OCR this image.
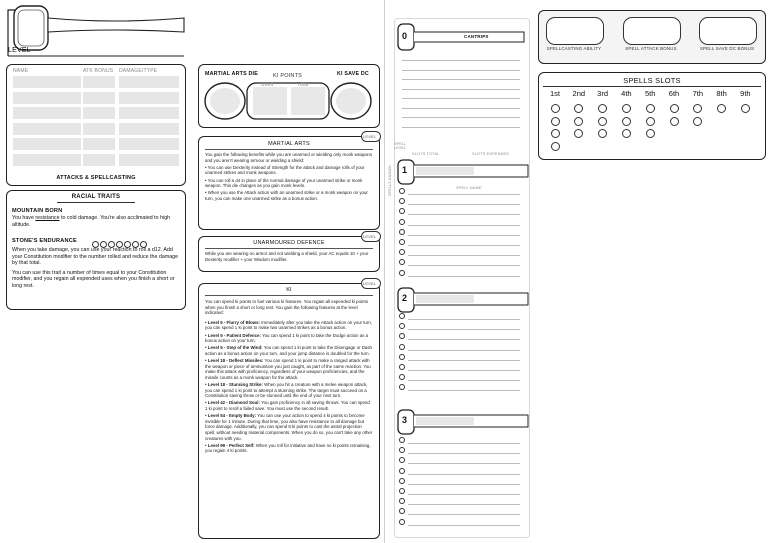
LEVEL
NAME	ATK BONUS DAMAGE/TYPE
ATTACKS & SPELLCASTING
RACIAL TRAITS
MOUNTAIN BORN
You have resistance to cold damage. You're also acclimated to high altitude.
STONE'S ENDURANCE

When you take damage, you can use your reaction to roll a d12. Add your Constitution modifier to the number rolled and reduce the damage by that total.

You can use this trait a number of times equal to your Constitution modifier, and you regain all expended uses when you finish a short or long rest.

MARTIAL ARTS DIE	KI SAVE DC
KI POINTS
Used	Total
LEVEL
MARTIAL ARTS

You gain the following benefits while you are unarmed or wielding only monk weapons and you aren't wearing armour or wielding a shield:

• You can use Dexterity instead of Strength for the attack and damage rolls of your unarmed strikes and monk weapons.

• You can roll a d4 in place of the normal damage of your unarmed strike or monk weapon. This die changes as you gain monk levels.

• When you use the Attack action with an unarmed strike or a monk weapon on your turn, you can make one unarmed strike as a bonus action.

LEVEL
UNARMOURED DEFENCE
While you are wearing no armor and not wielding a shield, your AC equals 10 + your Dexterity modifier + your Wisdom modifier.
LEVEL
KI

You can spend ki points to fuel various ki features. You regain all expended ki points when you finish a short or long rest. You gain the following features at the level indicated:

• Level 5 - Flurry of Blows: Immediately after you take the Attack action on your turn, you can spend 1 ki point to make two unarmed strikes as a bonus action.

• Level 5 - Patient Defence: You can spend 1 ki point to take the Dodge action as a bonus action on your turn.

• Level 5 - Step of the Wind: You can spend 1 ki point to take the Disengage or Dash action as a bonus action on your turn, and your jump distance is doubled for the turn.

• Level 18 - Deflect Missiles: You can spend 1 ki point to make a ranged attack with the weapon or piece of ammunition you just caught, as part of the same reaction. You make this attack with proficiency, regardless of your weapon proficiencies, and the missile counts as a monk weapon for the attack.

• Level 18 - Stunning Strike: When you hit a creature with a melee weapon attack, you can spend 1 ki point to attempt a stunning strike. The target must succeed on a Constitution saving throw or be stunned until the end of your next turn.

• Level 42 - Diamond Soul: You gain proficiency in all saving throws. You can spend 1 ki point to reroll a failed save. You must use the second result.

• Level 54 - Empty Body: You can use your action to spend 4 ki points to become invisible for 1 minute. During that time, you also have resistance to all damage but force damage. Additionally, you can spend 8 ki points to cast the astral projection spell, without needing material components. When you do so, you can't take any other creatures with you.

• Level 99 - Perfect Self: When you roll for initiative and have no ki points remaining, you regain 4 ki points.

0	CANTRIPS
SPELL LEVEL
SLOTS TOTAL	SLOTS EXPENDED
SPELLS KNOWN 1
2
3
SPELL NAME
SPELLCASTING ABILITY	SPELL ATTACK BONUS	SPELL SAVE DC BONUS
SPELLS SLOTS
1st	2nd	3rd	4th	5th	6th	7th	8th	9th
